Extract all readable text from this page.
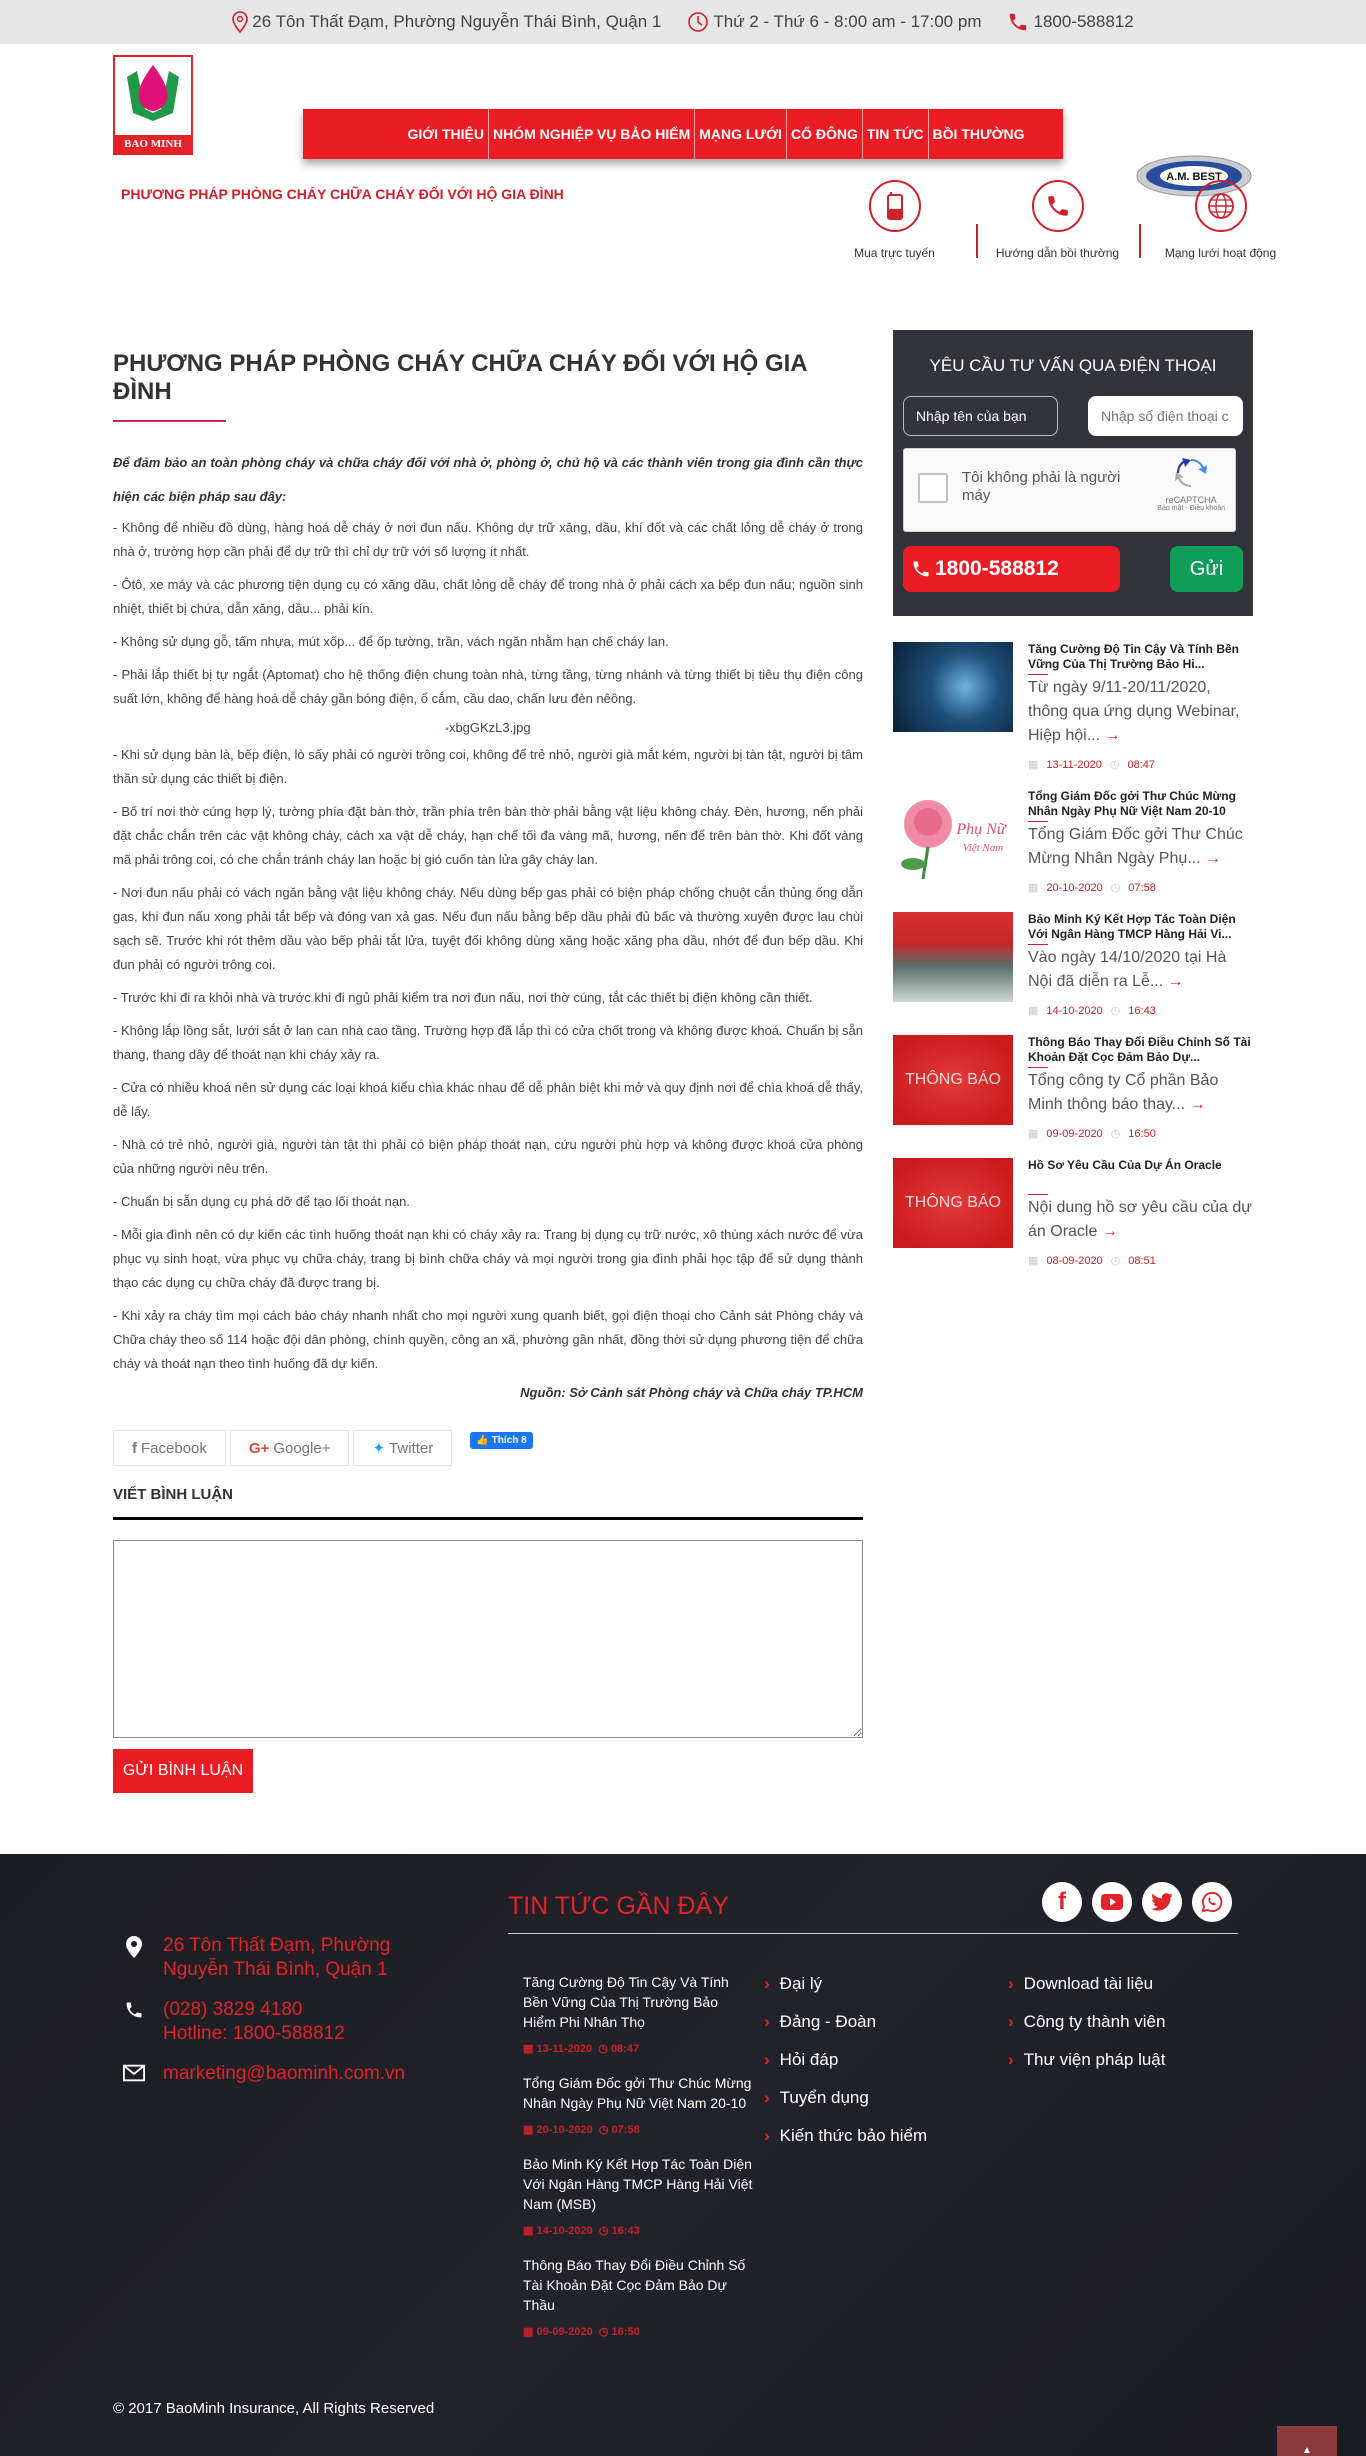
26 Tôn Thất Đạm, Phường Nguyễn Thái Bình, Quận 1	Thứ 2 - Thứ 6 - 8:00 am - 17:00 pm	1800-588812
BAO MINH
GIỚI THIỆU NHÓM NGHIỆP VỤ BẢO HIỂM MẠNG LƯỚI CỔ ĐÔNG TIN TỨC BỒI THƯỜNG
A.M. BEST
PHƯƠNG PHÁP PHÒNG CHÁY CHỮA CHÁY ĐỐI VỚI HỘ GIA ĐÌNH
Mua trực tuyến	Hướng dẫn bồi thường	Mạng lưới hoạt động
PHƯƠNG PHÁP PHÒNG CHÁY CHỮA CHÁY ĐỐI VỚI HỘ GIA ĐÌNH

Để đảm bảo an toàn phòng cháy và chữa cháy đối với nhà ở, phòng ở, chủ hộ và các thành viên trong gia đình cần thực hiện các biện pháp sau đây:

- Không để nhiều đồ dùng, hàng hoá dễ cháy ở nơi đun nấu. Không dự trữ xăng, dầu, khí đốt và các chất lỏng dễ cháy ở trong nhà ở, trường hợp cần phải để dự trữ thì chỉ dự trữ với số lượng ít nhất.

- Ôtô, xe máy và các phương tiện dụng cụ có xăng dầu, chất lỏng dễ cháy để trong nhà ở phải cách xa bếp đun nấu; nguồn sinh nhiệt, thiết bị chứa, dẫn xăng, dầu... phải kín.

- Không sử dụng gỗ, tấm nhựa, mút xốp... để ốp tường, trần, vách ngăn nhằm hạn chế cháy lan.

- Phải lắp thiết bị tự ngắt (Aptomat) cho hệ thống điện chung toàn nhà, từng tầng, từng nhánh và từng thiết bị tiêu thụ điện công suất lớn, không để hàng hoá dễ cháy gần bóng điện, ổ cắm, cầu dao, chấn lưu đèn nêông.

▪xbgGKzL3.jpg

- Khi sử dụng bàn là, bếp điện, lò sấy phải có người trông coi, không để trẻ nhỏ, người già mắt kém, người bị tàn tật, người bị tâm thần sử dụng các thiết bị điện.

- Bố trí nơi thờ cúng hợp lý, tường phía đặt bàn thờ, trần phía trên bàn thờ phải bằng vật liệu không cháy. Đèn, hương, nến phải đặt chắc chắn trên các vật không cháy, cách xa vật dễ cháy, hạn chế tối đa vàng mã, hương, nến để trên bàn thờ. Khi đốt vàng mã phải trông coi, có che chắn tránh cháy lan hoặc bị gió cuốn tàn lửa gây cháy lan.

- Nơi đun nấu phải có vách ngăn bằng vật liệu không cháy. Nếu dùng bếp gas phải có biện pháp chống chuột cắn thủng ống dẫn gas, khi đun nấu xong phải tắt bếp và đóng van xả gas. Nếu đun nấu bằng bếp dầu phải đủ bấc và thường xuyên được lau chùi sạch sẽ. Trước khi rót thêm dầu vào bếp phải tắt lửa, tuyệt đối không dùng xăng hoặc xăng pha dầu, nhớt để đun bếp dầu. Khi đun phải có người trông coi.

- Trước khi đi ra khỏi nhà và trước khi đi ngủ phải kiểm tra nơi đun nấu, nơi thờ cúng, tắt các thiết bị điện không cần thiết.

- Không lắp lồng sắt, lưới sắt ở lan can nhà cao tầng. Trường hợp đã lắp thì có cửa chốt trong và không được khoá. Chuẩn bị sẵn thang, thang dây để thoát nạn khi cháy xảy ra.

- Cửa có nhiều khoá nên sử dụng các loại khoá kiểu chìa khác nhau để dễ phân biệt khi mở và quy định nơi để chìa khoá dễ thấy, dễ lấy.

- Nhà có trẻ nhỏ, người già, người tàn tật thì phải có biện pháp thoát nạn, cứu người phù hợp và không được khoá cửa phòng của những người nêu trên.

- Chuẩn bị sẵn dụng cụ phá dỡ để tạo lối thoát nạn.

- Mỗi gia đình nên có dự kiến các tình huống thoát nạn khi có cháy xảy ra. Trang bị dụng cụ trữ nước, xô thùng xách nước để vừa phục vụ sinh hoạt, vừa phục vụ chữa cháy, trang bị bình chữa cháy và mọi người trong gia đình phải học tập để sử dụng thành thạo các dụng cụ chữa cháy đã được trang bị.

- Khi xảy ra cháy tìm mọi cách báo cháy nhanh nhất cho mọi người xung quanh biết, gọi điện thoại cho Cảnh sát Phòng cháy và Chữa cháy theo số 114 hoặc đội dân phòng, chính quyền, công an xã, phường gần nhất, đồng thời sử dụng phương tiện để chữa cháy và thoát nạn theo tình huống đã dự kiến.

Nguồn: Sở Cảnh sát Phòng cháy và Chữa cháy TP.HCM

f Facebook	G+ Google+	✦ Twitter	👍 Thích 8
VIẾT BÌNH LUẬN

GỬI BÌNH LUẬN
YÊU CẦU TƯ VẤN QUA ĐIỆN THOẠI
Nhập tên của bạn
Nhập số điện thoại c
Tôi không phải là người máy	reCAPTCHA
Bảo mật - Điều khoản
1800-588812	Gửi
Tăng Cường Độ Tin Cậy Và Tính Bền Vững Của Thị Trường Bảo Hi...
Từ ngày 9/11-20/11/2020, thông qua ứng dụng Webinar, Hiệp hội... →
▦ 13-11-2020 ◷ 08:47
Phụ Nữ
Việt Nam
Tổng Giám Đốc gởi Thư Chúc Mừng Nhân Ngày Phụ Nữ Việt Nam 20-10
Tổng Giám Đốc gởi Thư Chúc Mừng Nhân Ngày Phụ... →
▦ 20-10-2020 ◷ 07:58
Bảo Minh Ký Kết Hợp Tác Toàn Diện Với Ngân Hàng TMCP Hàng Hải Vi...
Vào ngày 14/10/2020 tại Hà Nội đã diễn ra Lễ... →
▦ 14-10-2020 ◷ 16:43
THÔNG BÁO
Thông Báo Thay Đổi Điều Chỉnh Số Tài Khoản Đặt Cọc Đảm Bảo Dự...
Tổng công ty Cổ phần Bảo Minh thông báo thay... →
▦ 09-09-2020 ◷ 16:50
THÔNG BÁO
Hồ Sơ Yêu Cầu Của Dự Án Oracle
Nội dung hồ sơ yêu cầu của dự án Oracle →
▦ 08-09-2020 ◷ 08:51
26 Tôn Thất Đạm, Phường Nguyễn Thái Bình, Quận 1
(028) 3829 4180
Hotline: 1800-588812
marketing@baominh.com.vn
TIN TỨC GẦN ĐÂY
Tăng Cường Độ Tin Cậy Và Tính Bền Vững Của Thị Trường Bảo Hiểm Phi Nhân Thọ
▦ 13-11-2020 ◷ 08:47
Tổng Giám Đốc gởi Thư Chúc Mừng Nhân Ngày Phụ Nữ Việt Nam 20-10
▦ 20-10-2020 ◷ 07:58
Bảo Minh Ký Kết Hợp Tác Toàn Diện Với Ngân Hàng TMCP Hàng Hải Việt Nam (MSB)
▦ 14-10-2020 ◷ 16:43
Thông Báo Thay Đổi Điều Chỉnh Số Tài Khoản Đặt Cọc Đảm Bảo Dự Thầu
▦ 09-09-2020 ◷ 16:50
› Đại lý
› Đảng - Đoàn
› Hỏi đáp
› Tuyển dụng
› Kiến thức bảo hiểm
› Download tài liệu
› Công ty thành viên
› Thư viện pháp luật
f
© 2017 BaoMinh Insurance, All Rights Reserved
▲
